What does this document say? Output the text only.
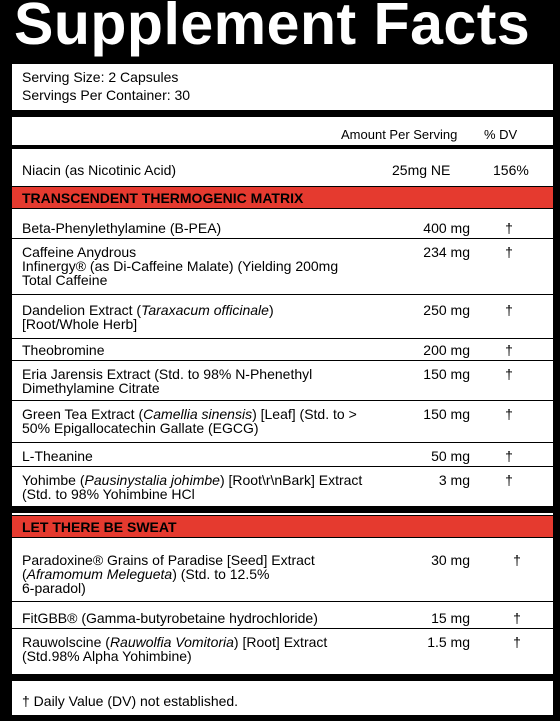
Supplement Facts
Serving Size: 2 Capsules
Servings Per Container: 30
Amount Per Serving % DV
Niacin (as Nicotinic Acid)	25mg NE	156%
TRANSCENDENT THERMOGENIC MATRIX
Beta-Phenylethylamine (B-PEA)	400 mg	†
Caffeine Anydrous
Infinergy® (as Di-Caffeine Malate) (Yielding 200mg
Total Caffeine
234 mg	†
Dandelion Extract (Taraxacum officinale)
[Root/Whole Herb]
250 mg	†
Theobromine	200 mg	†
Eria Jarensis Extract (Std. to 98% N-Phenethyl
Dimethylamine Citrate
150 mg	†
Green Tea Extract (Camellia sinensis) [Leaf] (Std. to >
50% Epigallocatechin Gallate (EGCG)
150 mg	†
L-Theanine	50 mg	†
Yohimbe (Pausinystalia johimbe) [Root\r\nBark] Extract
(Std. to 98% Yohimbine HCl
3 mg	†
LET THERE BE SWEAT
Paradoxine® Grains of Paradise [Seed] Extract
(Aframomum Melegueta) (Std. to 12.5%
6-paradol)
30 mg	†
FitGBB® (Gamma-butyrobetaine hydrochloride)	15 mg	†
Rauwolscine (Rauwolfia Vomitoria) [Root] Extract
(Std.98% Alpha Yohimbine)
1.5 mg	†
† Daily Value (DV) not established.
